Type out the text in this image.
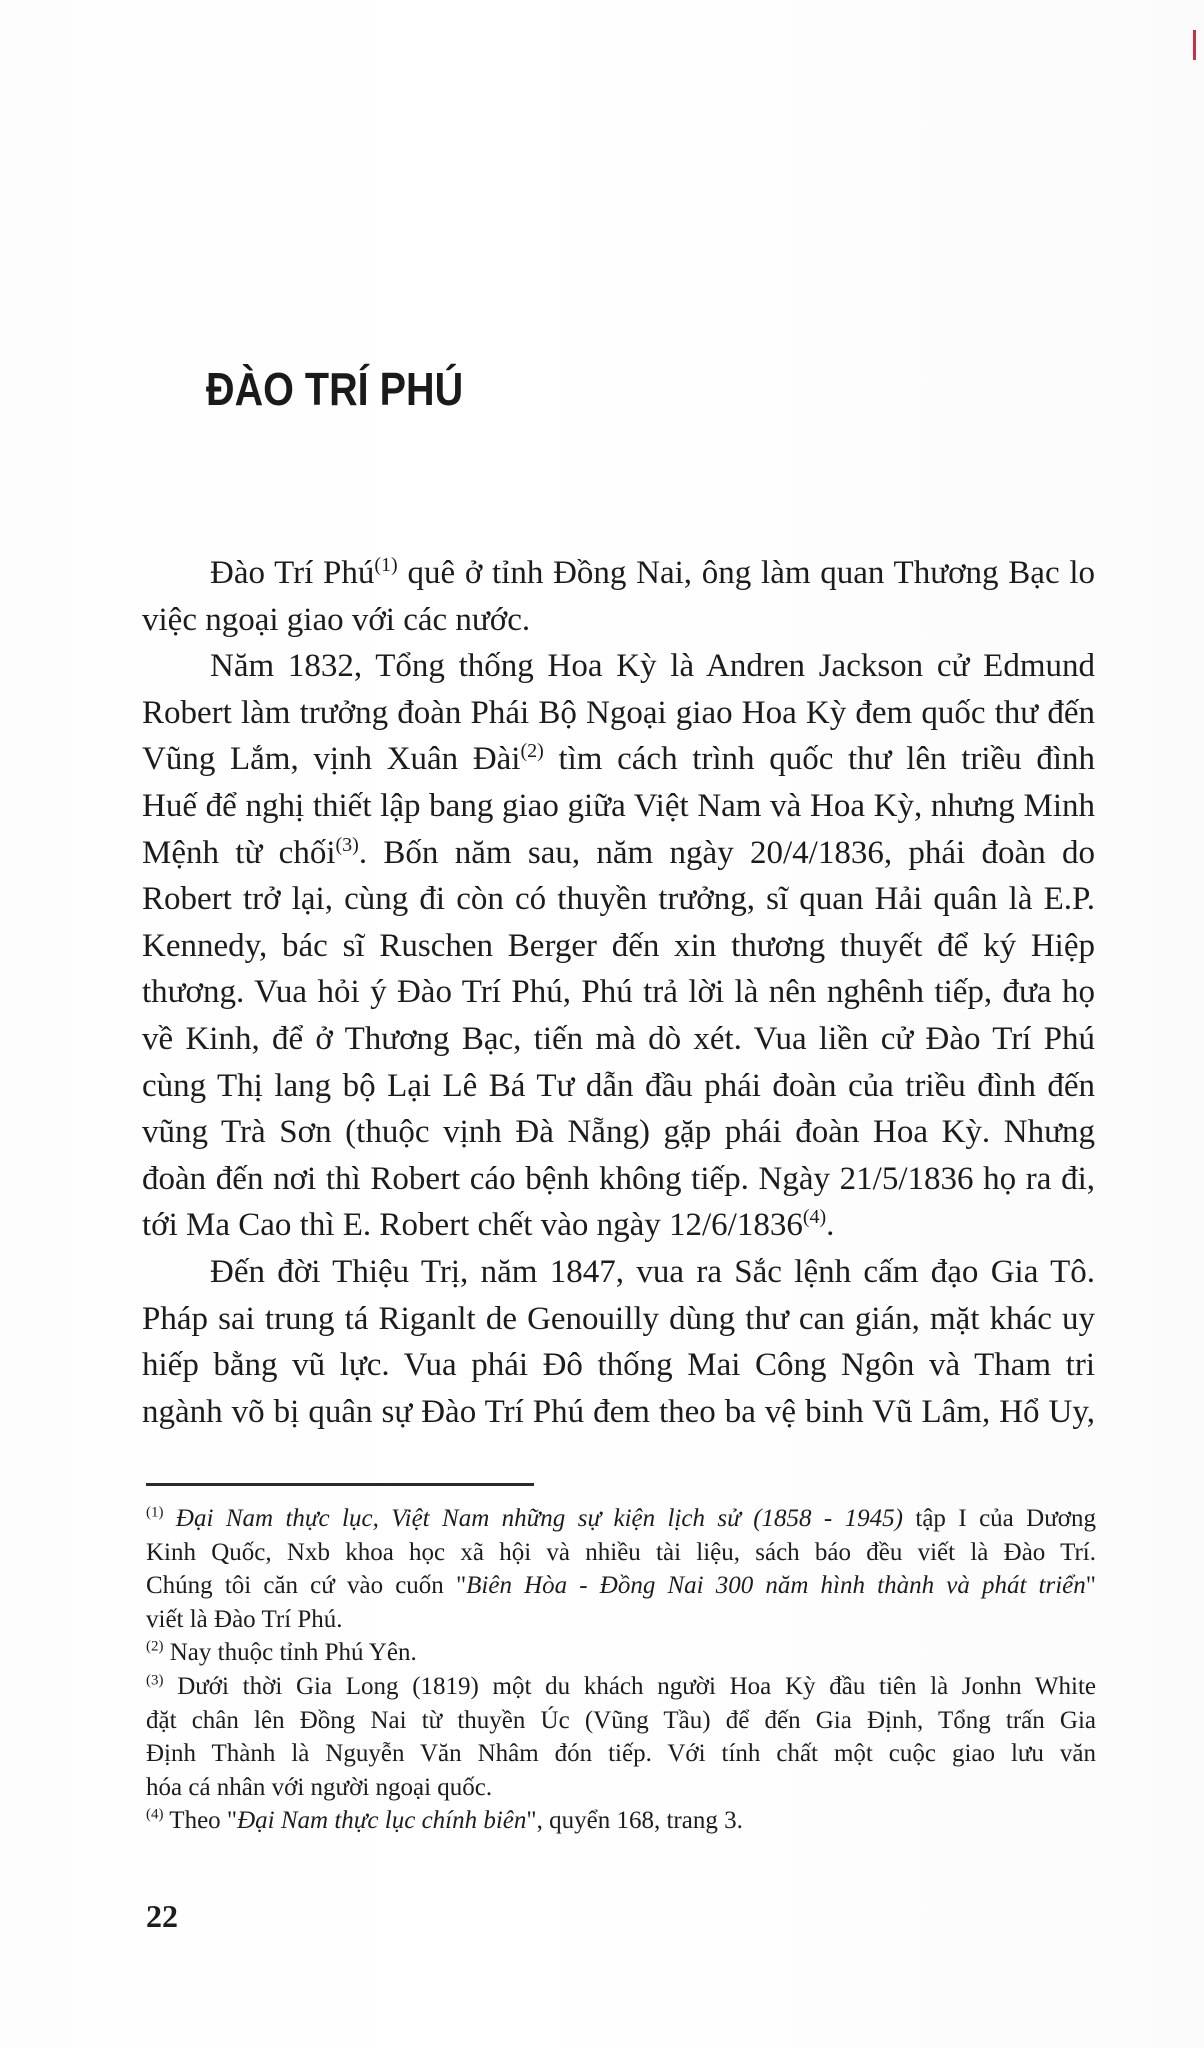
ĐÀO TRÍ PHÚ
Đào Trí Phú$^{(1)}$ quê ở tỉnh Đồng Nai, ông làm quan Thương Bạc lo
việc ngoại giao với các nước.
Năm 1832, Tổng thống Hoa Kỳ là Andren Jackson cử Edmund
Robert làm trưởng đoàn Phái Bộ Ngoại giao Hoa Kỳ đem quốc thư đến
Vũng Lắm, vịnh Xuân Đài$^{(2)}$ tìm cách trình quốc thư lên triều đình
Huế để nghị thiết lập bang giao giữa Việt Nam và Hoa Kỳ, nhưng Minh
Mệnh từ chối$^{(3)}$. Bốn năm sau, năm ngày 20/4/1836, phái đoàn do
Robert trở lại, cùng đi còn có thuyền trưởng, sĩ quan Hải quân là E.P.
Kennedy, bác sĩ Ruschen Berger đến xin thương thuyết để ký Hiệp
thương. Vua hỏi ý Đào Trí Phú, Phú trả lời là nên nghênh tiếp, đưa họ
về Kinh, để ở Thương Bạc, tiến mà dò xét. Vua liền cử Đào Trí Phú
cùng Thị lang bộ Lại Lê Bá Tư dẫn đầu phái đoàn của triều đình đến
vũng Trà Sơn (thuộc vịnh Đà Nẵng) gặp phái đoàn Hoa Kỳ. Nhưng
đoàn đến nơi thì Robert cáo bệnh không tiếp. Ngày 21/5/1836 họ ra đi,
tới Ma Cao thì E. Robert chết vào ngày 12/6/1836$^{(4)}$.
Đến đời Thiệu Trị, năm 1847, vua ra Sắc lệnh cấm đạo Gia Tô.
Pháp sai trung tá Riganlt de Genouilly dùng thư can gián, mặt khác uy
hiếp bằng vũ lực. Vua phái Đô thống Mai Công Ngôn và Tham tri
ngành võ bị quân sự Đào Trí Phú đem theo ba vệ binh Vũ Lâm, Hổ Uy,
$^{(1)}$ Đại Nam thực lục, Việt Nam những sự kiện lịch sử (1858 - 1945) tập I của Dương
Kinh Quốc, Nxb khoa học xã hội và nhiều tài liệu, sách báo đều viết là Đào Trí.
Chúng tôi căn cứ vào cuốn "Biên Hòa - Đồng Nai 300 năm hình thành và phát triển"
viết là Đào Trí Phú.
$^{(2)}$ Nay thuộc tỉnh Phú Yên.
$^{(3)}$ Dưới thời Gia Long (1819) một du khách người Hoa Kỳ đầu tiên là Jonhn White
đặt chân lên Đồng Nai từ thuyền Úc (Vũng Tầu) để đến Gia Định, Tổng trấn Gia
Định Thành là Nguyễn Văn Nhâm đón tiếp. Với tính chất một cuộc giao lưu văn
hóa cá nhân với người ngoại quốc.
$^{(4)}$ Theo "Đại Nam thực lục chính biên", quyển 168, trang 3.
22
